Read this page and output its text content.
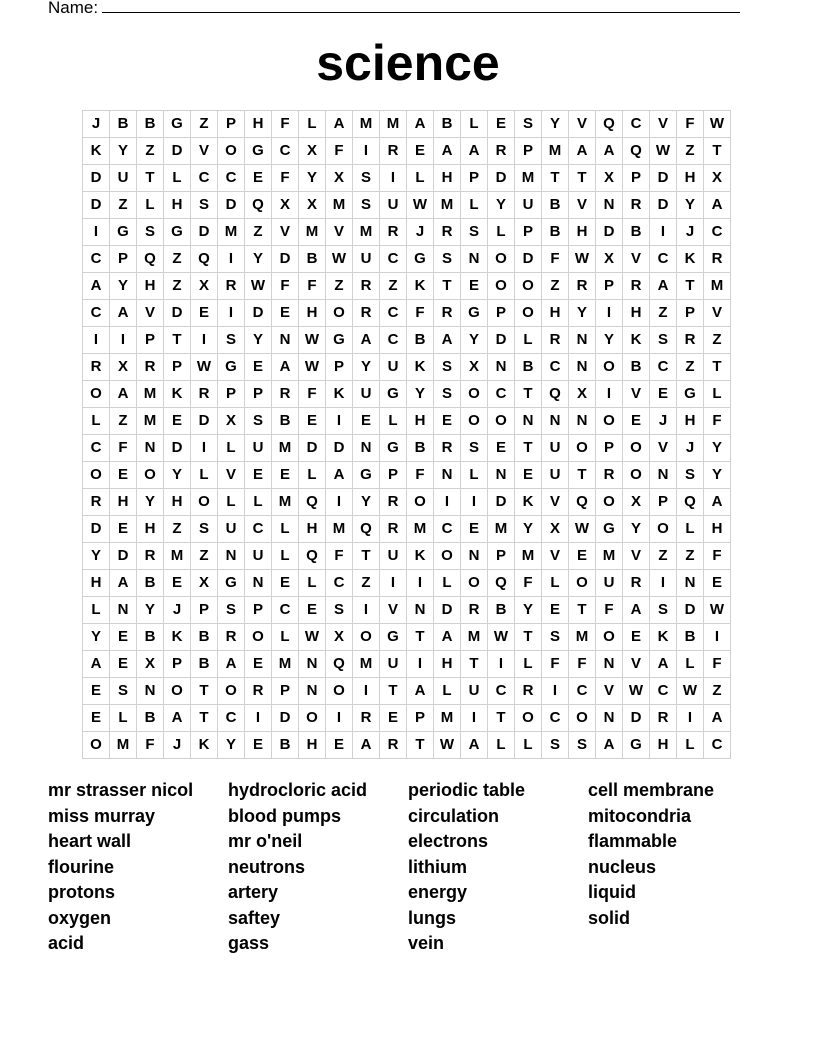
Name:
science
J	B	B	G	Z	P	H	F	L	A	M	M	A	B	L	E	S	Y	V	Q	C	V	F	W
K	Y	Z	D	V	O	G	C	X	F	I	R	E	A	A	R	P	M	A	A	Q	W	Z	T
D	U	T	L	C	C	E	F	Y	X	S	I	L	H	P	D	M	T	T	X	P	D	H	X
D	Z	L	H	S	D	Q	X	X	M	S	U	W	M	L	Y	U	B	V	N	R	D	Y	A
I	G	S	G	D	M	Z	V	M	V	M	R	J	R	S	L	P	B	H	D	B	I	J	C
C	P	Q	Z	Q	I	Y	D	B	W	U	C	G	S	N	O	D	F	W	X	V	C	K	R
A	Y	H	Z	X	R	W	F	F	Z	R	Z	K	T	E	O	O	Z	R	P	R	A	T	M
C	A	V	D	E	I	D	E	H	O	R	C	F	R	G	P	O	H	Y	I	H	Z	P	V
I	I	P	T	I	S	Y	N	W	G	A	C	B	A	Y	D	L	R	N	Y	K	S	R	Z
R	X	R	P	W	G	E	A	W	P	Y	U	K	S	X	N	B	C	N	O	B	C	Z	T
O	A	M	K	R	P	P	R	F	K	U	G	Y	S	O	C	T	Q	X	I	V	E	G	L
L	Z	M	E	D	X	S	B	E	I	E	L	H	E	O	O	N	N	N	O	E	J	H	F
C	F	N	D	I	L	U	M	D	D	N	G	B	R	S	E	T	U	O	P	O	V	J	Y
O	E	O	Y	L	V	E	E	L	A	G	P	F	N	L	N	E	U	T	R	O	N	S	Y
R	H	Y	H	O	L	L	M	Q	I	Y	R	O	I	I	D	K	V	Q	O	X	P	Q	A
D	E	H	Z	S	U	C	L	H	M	Q	R	M	C	E	M	Y	X	W	G	Y	O	L	H
Y	D	R	M	Z	N	U	L	Q	F	T	U	K	O	N	P	M	V	E	M	V	Z	Z	F
H	A	B	E	X	G	N	E	L	C	Z	I	I	L	O	Q	F	L	O	U	R	I	N	E
L	N	Y	J	P	S	P	C	E	S	I	V	N	D	R	B	Y	E	T	F	A	S	D	W
Y	E	B	K	B	R	O	L	W	X	O	G	T	A	M	W	T	S	M	O	E	K	B	I
A	E	X	P	B	A	E	M	N	Q	M	U	I	H	T	I	L	F	F	N	V	A	L	F
E	S	N	O	T	O	R	P	N	O	I	T	A	L	U	C	R	I	C	V	W	C	W	Z
E	L	B	A	T	C	I	D	O	I	R	E	P	M	I	T	O	C	O	N	D	R	I	A
O	M	F	J	K	Y	E	B	H	E	A	R	T	W	A	L	L	S	S	A	G	H	L	C
mr strasser nicol
miss murray
heart wall
flourine
protons
oxygen
acid
hydrocloric acid
blood pumps
mr o'neil
neutrons
artery
saftey
gass
periodic table
circulation
electrons
lithium
energy
lungs
vein
cell membrane
mitocondria
flammable
nucleus
liquid
solid
